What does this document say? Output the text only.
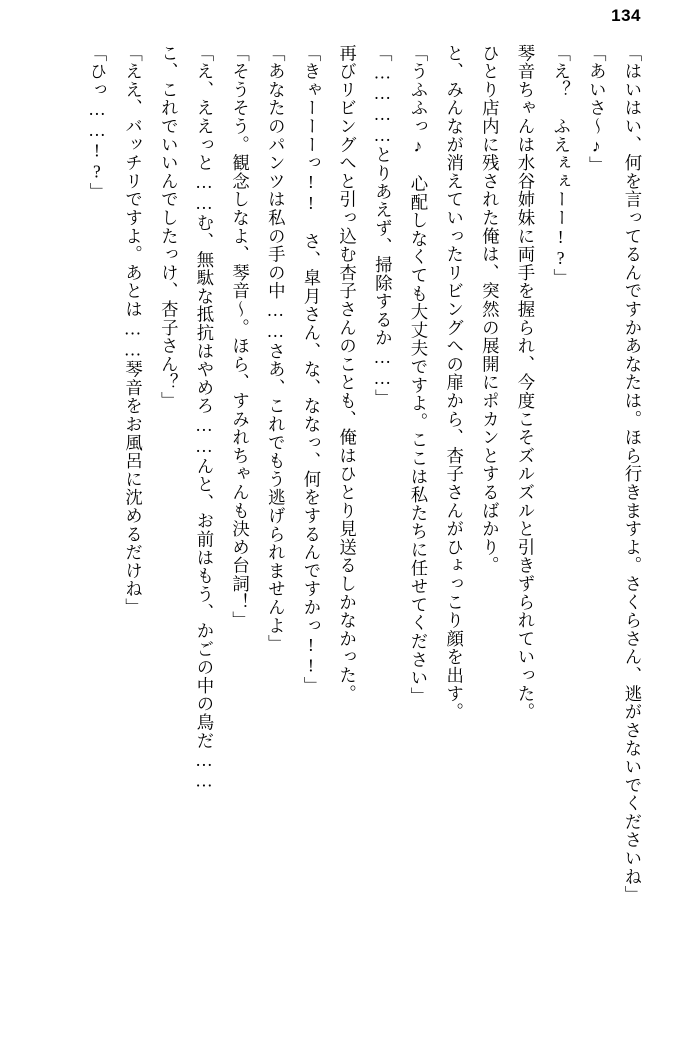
134

「はいはい、何を言ってるんですかあなたは。ほら行きますよ。さくらさん、逃がさないでくださいね」

「あいさ～♪」

「え？　ふえぇぇーー!?」

琴音ちゃんは水谷姉妹に両手を握られ、今度こそズルズルと引きずられていった。

ひとり店内に残された俺は、突然の展開にポカンとするばかり。

と、みんなが消えていったリビングへの扉から、杏子さんがひょっこり顔を出す。

「うふふっ♪　心配しなくても大丈夫ですよ。ここは私たちに任せてください」

「…………とりあえず、掃除するか……」

再びリビングへと引っ込む杏子さんのことも、俺はひとり見送るしかなかった。

「きゃーーーっ!!　さ、皐月さん、な、ななっ、何をするんですかっ!!」

「あなたのパンツは私の手の中……さあ、これでもう逃げられませんよ」

「そうそう。観念しなよ、琴音～。ほら、すみれちゃんも決め台詞！」

「え、ええっと……む、無駄な抵抗はやめろ……んと、お前はもう、かごの中の鳥だ……

こ、これでいいんでしたっけ、杏子さん？」

「ええ、バッチリですよ。あとは……琴音をお風呂に沈めるだけね」

「ひっ……!?」
